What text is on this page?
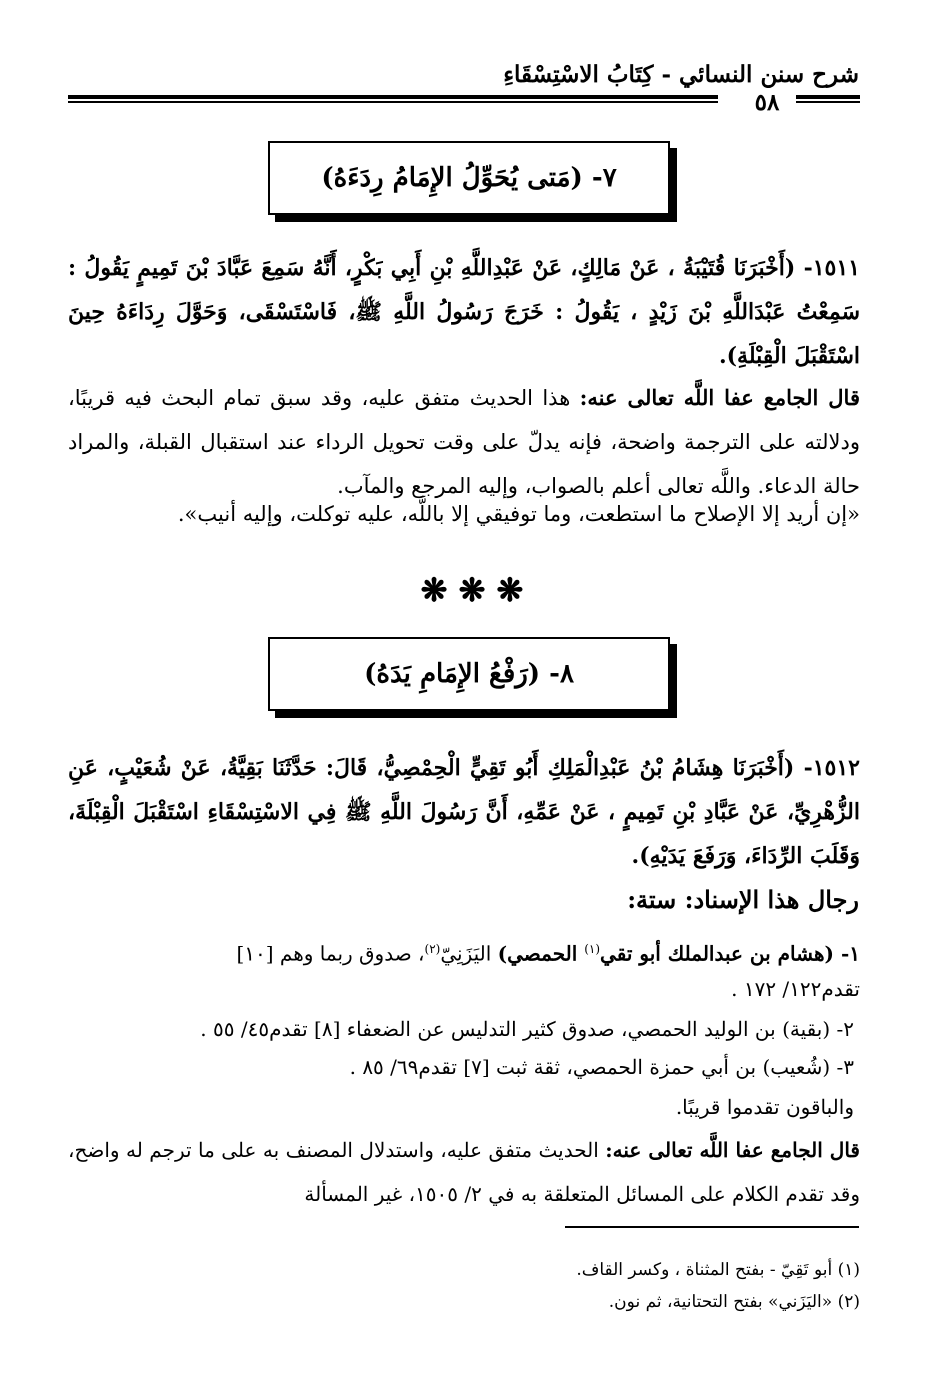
شرح سنن النسائي - كِتَابُ الاسْتِسْقَاءِ
٥٨
٧- (مَتى يُحَوِّلُ الإِمَامُ رِدَءَهُ)
١٥١١- (أَخْبَرَنَا قُتَيْبَةُ ، عَنْ مَالِكٍ، عَنْ عَبْدِاللَّهِ بْنِ أَبِي بَكْرٍ، أَنَّهُ سَمِعَ عَبَّادَ بْنَ تَمِيمٍ يَقُولُ : سَمِعْتُ عَبْدَاللَّهِ بْنَ زَيْدٍ ، يَقُولُ : خَرَجَ رَسُولُ اللَّهِ ﷺ، فَاسْتَسْقَى، وَحَوَّلَ رِدَاءَهُ حِينَ اسْتَقْبَلَ الْقِبْلَةِ).
قال الجامع عفا اللَّه تعالى عنه: هذا الحديث متفق عليه، وقد سبق تمام البحث فيه قريبًا، ودلالته على الترجمة واضحة، فإنه يدلّ على وقت تحويل الرداء عند استقبال القبلة، والمراد حالة الدعاء. واللَّه تعالى أعلم بالصواب، وإليه المرجع والمآب.
«إن أريد إلا الإصلاح ما استطعت، وما توفيقي إلا باللَّه، عليه توكلت، وإليه أنيب».
❋ ❋ ❋
٨- (رَفْعُ الإِمَامِ يَدَهُ)
١٥١٢- (أَخْبَرَنَا هِشَامُ بْنُ عَبْدِالْمَلِكِ أَبُو تَقِيٍّ الْحِمْصِيُّ، قَالَ: حَدَّثَنَا بَقِيَّةُ، عَنْ شُعَيْبٍ، عَنِ الزُّهْرِيِّ، عَنْ عَبَّادِ بْنِ تَمِيمٍ ، عَنْ عَمِّهِ، أَنَّ رَسُولَ اللَّهِ ﷺ فِي الاسْتِسْقَاءِ اسْتَقْبَلَ الْقِبْلَةَ، وَقَلَبَ الرِّدَاءَ، وَرَفَعَ يَدَيْهِ).
رجال هذا الإسناد: ستة:
١- (هشام بن عبدالملك أبو تقي$^{(١)}$ الحمصي) اليَزَنِيّ$^{(٢)}$، صدوق ربما وهم [١٠]
تقدم١٢٢/ ١٧٢ .
٢- (بقية) بن الوليد الحمصي، صدوق كثير التدليس عن الضعفاء [٨] تقدم٤٥/ ٥٥ .
٣- (شُعيب) بن أبي حمزة الحمصي، ثقة ثبت [٧] تقدم٦٩/ ٨٥ .
والباقون تقدموا قريبًا.
قال الجامع عفا اللَّه تعالى عنه: الحديث متفق عليه، واستدلال المصنف به على ما ترجم له واضح، وقد تقدم الكلام على المسائل المتعلقة به في ٢/ ١٥٠٥، غير المسألة
(١) أبو تَقِيّ - بفتح المثناة ، وكسر القاف.
(٢) «اليَزَني» بفتح التحتانية، ثم نون.
